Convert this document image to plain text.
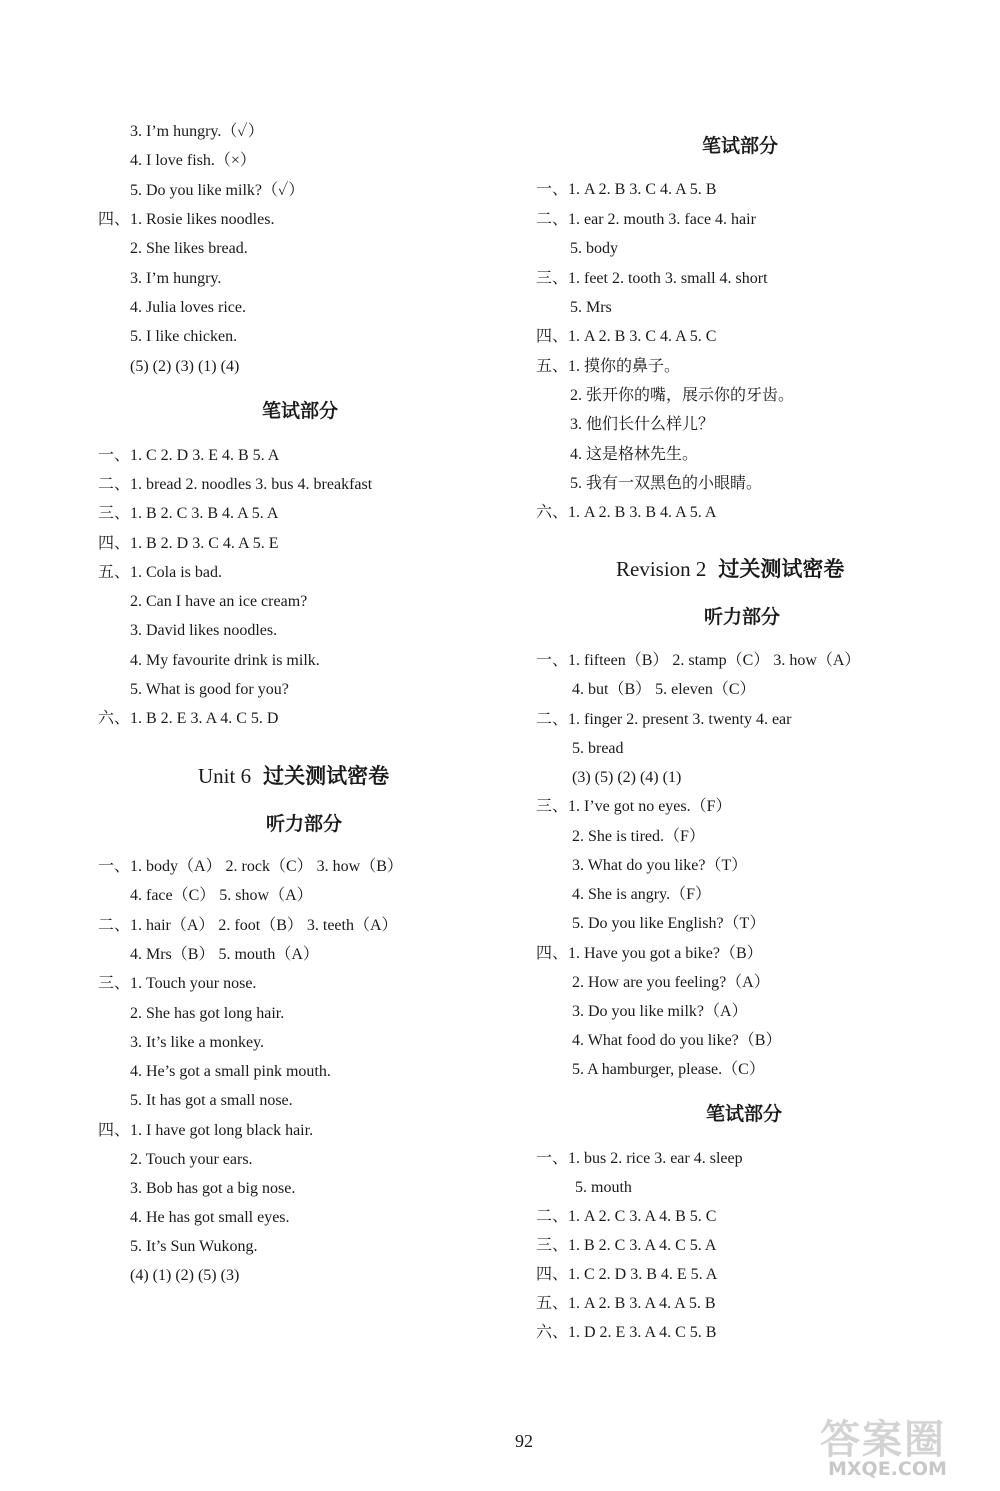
3. I’m hungry.（✓）
4. I love fish.（×）
5. Do you like milk?（✓）
四、1. Rosie likes noodles.
2. She likes bread.
3. I’m hungry.
4. Julia loves rice.
5. I like chicken.
(5) (2) (3) (1) (4)
笔试部分
一、1. C 2. D 3. E 4. B 5. A
二、1. bread 2. noodles 3. bus 4. breakfast
三、1. B 2. C 3. B 4. A 5. A
四、1. B 2. D 3. C 4. A 5. E
五、1. Cola is bad.
2. Can I have an ice cream?
3. David likes noodles.
4. My favourite drink is milk.
5. What is good for you?
六、1. B 2. E 3. A 4. C 5. D
Unit 6 过关测试密卷
听力部分
一、1. body（A） 2. rock（C） 3. how（B）
4. face（C） 5. show（A）
二、1. hair（A） 2. foot（B） 3. teeth（A）
4. Mrs（B） 5. mouth（A）
三、1. Touch your nose.
2. She has got long hair.
3. It’s like a monkey.
4. He’s got a small pink mouth.
5. It has got a small nose.
四、1. I have got long black hair.
2. Touch your ears.
3. Bob has got a big nose.
4. He has got small eyes.
5. It’s Sun Wukong.
(4) (1) (2) (5) (3)
笔试部分
一、1. A 2. B 3. C 4. A 5. B
二、1. ear 2. mouth 3. face 4. hair
5. body
三、1. feet 2. tooth 3. small 4. short
5. Mrs
四、1. A 2. B 3. C 4. A 5. C
五、1. 摸你的鼻子。
2. 张开你的嘴，展示你的牙齿。
3. 他们长什么样儿？
4. 这是格林先生。
5. 我有一双黑色的小眼睛。
六、1. A 2. B 3. B 4. A 5. A
Revision 2 过关测试密卷
听力部分
一、1. fifteen（B） 2. stamp（C） 3. how（A）
4. but（B） 5. eleven（C）
二、1. finger 2. present 3. twenty 4. ear
5. bread
(3) (5) (2) (4) (1)
三、1. I’ve got no eyes.（F）
2. She is tired.（F）
3. What do you like?（T）
4. She is angry.（F）
5. Do you like English?（T）
四、1. Have you got a bike?（B）
2. How are you feeling?（A）
3. Do you like milk?（A）
4. What food do you like?（B）
5. A hamburger, please.（C）
笔试部分
一、1. bus 2. rice 3. ear 4. sleep
5. mouth
二、1. A 2. C 3. A 4. B 5. C
三、1. B 2. C 3. A 4. C 5. A
四、1. C 2. D 3. B 4. E 5. A
五、1. A 2. B 3. A 4. A 5. B
六、1. D 2. E 3. A 4. C 5. B
92	答案圈
MXQE.COM
